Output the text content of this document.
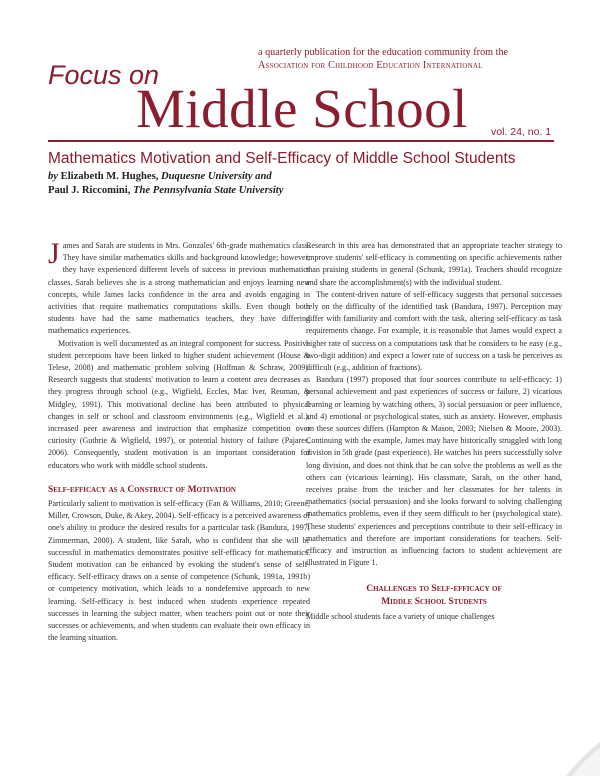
a quarterly publication for the education community from the
Association for Childhood Education International
Focus on
Middle School vol. 24, no. 1
Mathematics Motivation and Self-Efficacy of Middle School Students
by Elizabeth M. Hughes, Duquesne University and
Paul J. Riccomini, The Pennsylvania State University

James and Sarah are students in Mrs. Gonzales' 6th-grade mathematics class. They have similar mathematics skills and background knowledge; however, they have experienced different levels of success in previous mathematics classes. Sarah believes she is a strong mathematician and enjoys learning new concepts, while James lacks confidence in the area and avoids engaging in activities that require mathematics computations skills. Even though both students have had the same mathematics teachers, they have differing mathematics experiences.

Motivation is well documented as an integral component for success. Positive student perceptions have been linked to higher student achievement (House & Telese, 2008) and mathematic problem solving (Hoffman & Schraw, 2009). Research suggests that students' motivation to learn a content area decreases as they progress through school (e.g., Wigfield, Eccles, Mac Iver, Reuman, & Midgley, 1991). This motivational decline has been attributed to physical changes in self or school and classroom environments (e.g., Wigfield et al.), increased peer awareness and instruction that emphasize competition over curiosity (Guthrie & Wigfield, 1997), or potential history of failure (Pajares, 2006). Consequently, student motivation is an important consideration for educators who work with middle school students.

Self-efficacy as a Construct of Motivation

Particularly salient to motivation is self-efficacy (Fan & Williams, 2010; Greene, Miller, Crowson, Duke, & Akey, 2004). Self-efficacy is a perceived awareness of one's ability to produce the desired results for a particular task (Bandura, 1997; Zimmerman, 2000). A student, like Sarah, who is confident that she will be successful in mathematics demonstrates positive self-efficacy for mathematics. Student motivation can be enhanced by evoking the student's sense of self-efficacy. Self-efficacy draws on a sense of competence (Schunk, 1991a, 1991b) or competency motivation, which leads to a nondefensive approach to new learning. Self-efficacy is best induced when students experience repeated successes in learning the subject matter, when teachers point out or note their successes or achievements, and when students can evaluate their own efficacy in the learning situation.

Research in this area has demonstrated that an appropriate teacher strategy to improve students' self-efficacy is commenting on specific achievements rather than praising students in general (Schunk, 1991a). Teachers should recognize and share the accomplishment(s) with the individual student.

The content-driven nature of self-efficacy suggests that personal successes rely on the difficulty of the identified task (Bandura, 1997). Perception may differ with familiarity and comfort with the task, altering self-efficacy as task requirements change. For example, it is reasonable that James would expect a higher rate of success on a computations task that he considers to be easy (e.g., two-digit addition) and expect a lower rate of success on a task he perceives as difficult (e.g., addition of fractions).

Bandura (1997) proposed that four sources contribute to self-efficacy: 1) personal achievement and past experiences of success or failure, 2) vicarious learning or learning by watching others, 3) social persuasion or peer influence, and 4) emotional or psychological states, such as anxiety. However, emphasis on these sources differs (Hampton & Mason, 2003; Nielsen & Moore, 2003). Continuing with the example, James may have historically struggled with long division in 5th grade (past experience). He watches his peers successfully solve long division, and does not think that he can solve the problems as well as the others can (vicarious learning). His classmate, Sarah, on the other hand, receives praise from the teacher and her classmates for her talents in mathematics (social persuasion) and she looks forward to solving challenging mathematics problems, even if they seem difficult to her (psychological state). These students' experiences and perceptions contribute to their self-efficacy in mathematics and therefore are important considerations for teachers. Self-efficacy and instruction as influencing factors to student achievement are illustrated in Figure 1.

Challenges to Self-efficacy of
Middle School Students

Middle school students face a variety of unique challenges
